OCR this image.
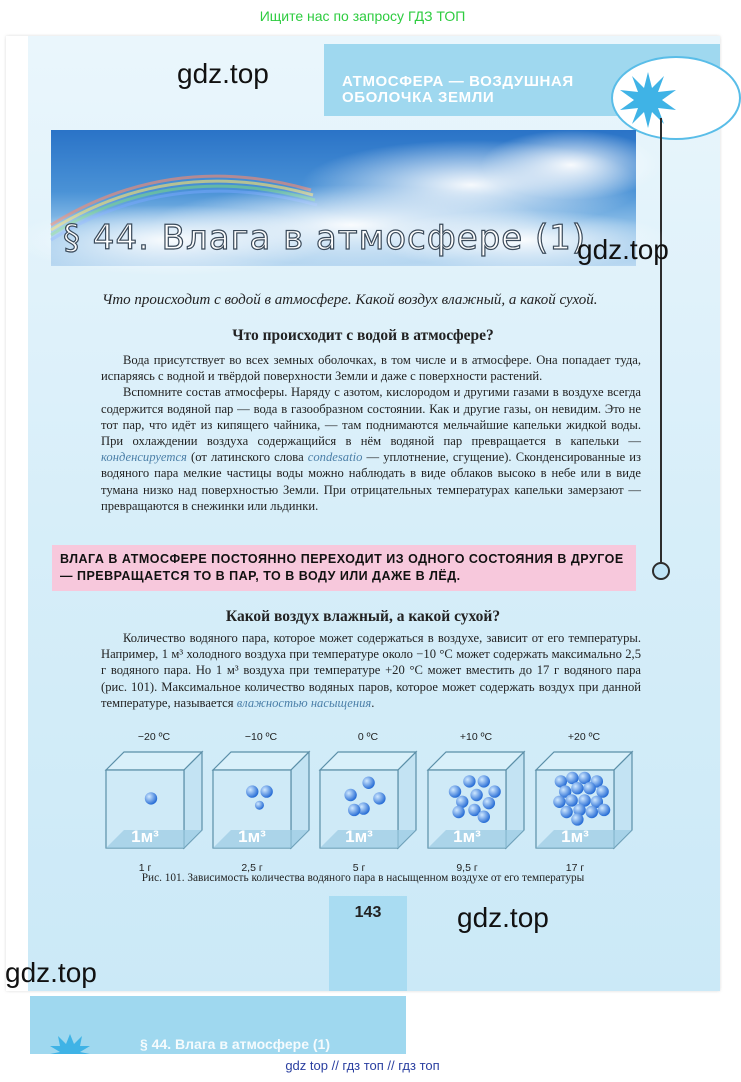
Ищите нас по запросу ГДЗ ТОП
АТМОСФЕРА — ВОЗДУШНАЯ
ОБОЛОЧКА ЗЕМЛИ
§ 44. Влага в атмосфере (1)
gdz.top
gdz.top
gdz.top
Что происходит с водой в атмосфере. Какой воздух влажный, а какой сухой.
Что происходит с водой в атмосфере?

Вода присутствует во всех земных оболочках, в том числе и в атмосфере. Она попадает туда, испаряясь с водной и твёрдой поверхности Земли и даже с поверхности растений.

Вспомните состав атмосферы. Наряду с азотом, кислородом и другими газами в воздухе всегда содержится водяной пар — вода в газообразном состоянии. Как и другие газы, он невидим. Это не тот пар, что идёт из кипящего чайника, — там поднимаются мельчайшие капельки жидкой воды. При охлаждении воздуха содержащийся в нём водяной пар превращается в капельки — конденсируется (от латинского слова condesatio — уплотнение, сгущение). Сконденсированные из водяного пара мелкие частицы воды можно наблюдать в виде облаков высоко в небе или в виде тумана низко над поверхностью Земли. При отрицательных температурах капельки замерзают — превращаются в снежинки или льдинки.

ВЛАГА В АТМОСФЕРЕ ПОСТОЯННО ПЕРЕХОДИТ ИЗ ОДНОГО СОСТОЯНИЯ В ДРУГОЕ — ПРЕВРАЩАЕТСЯ ТО В ПАР, ТО В ВОДУ ИЛИ ДАЖЕ В ЛЁД.
Какой воздух влажный, а какой сухой?

Количество водяного пара, которое может содержаться в воздухе, зависит от его температуры. Например, 1 м³ холодного воздуха при температуре около −10 °С может содержать максимально 2,5 г водяного пара. Но 1 м³ воздуха при температуре +20 °С может вместить до 17 г водяного пара (рис. 101). Максимальное количество водяных паров, которое может содержать воздух при данной температуре, называется влажностью насыщения.

1м³
−20 ºС
1 г
1м³
−10 ºС
2,5 г
1м³
0 ºС
5 г
1м³
+10 ºС
9,5 г
1м³
+20 ºС
17 г
Рис. 101. Зависимость количества водяного пара в насыщенном воздухе от его температуры
143
gdz.top
§ 44. Влага в атмосфере (1)
gdz top // гдз топ // гдз топ
